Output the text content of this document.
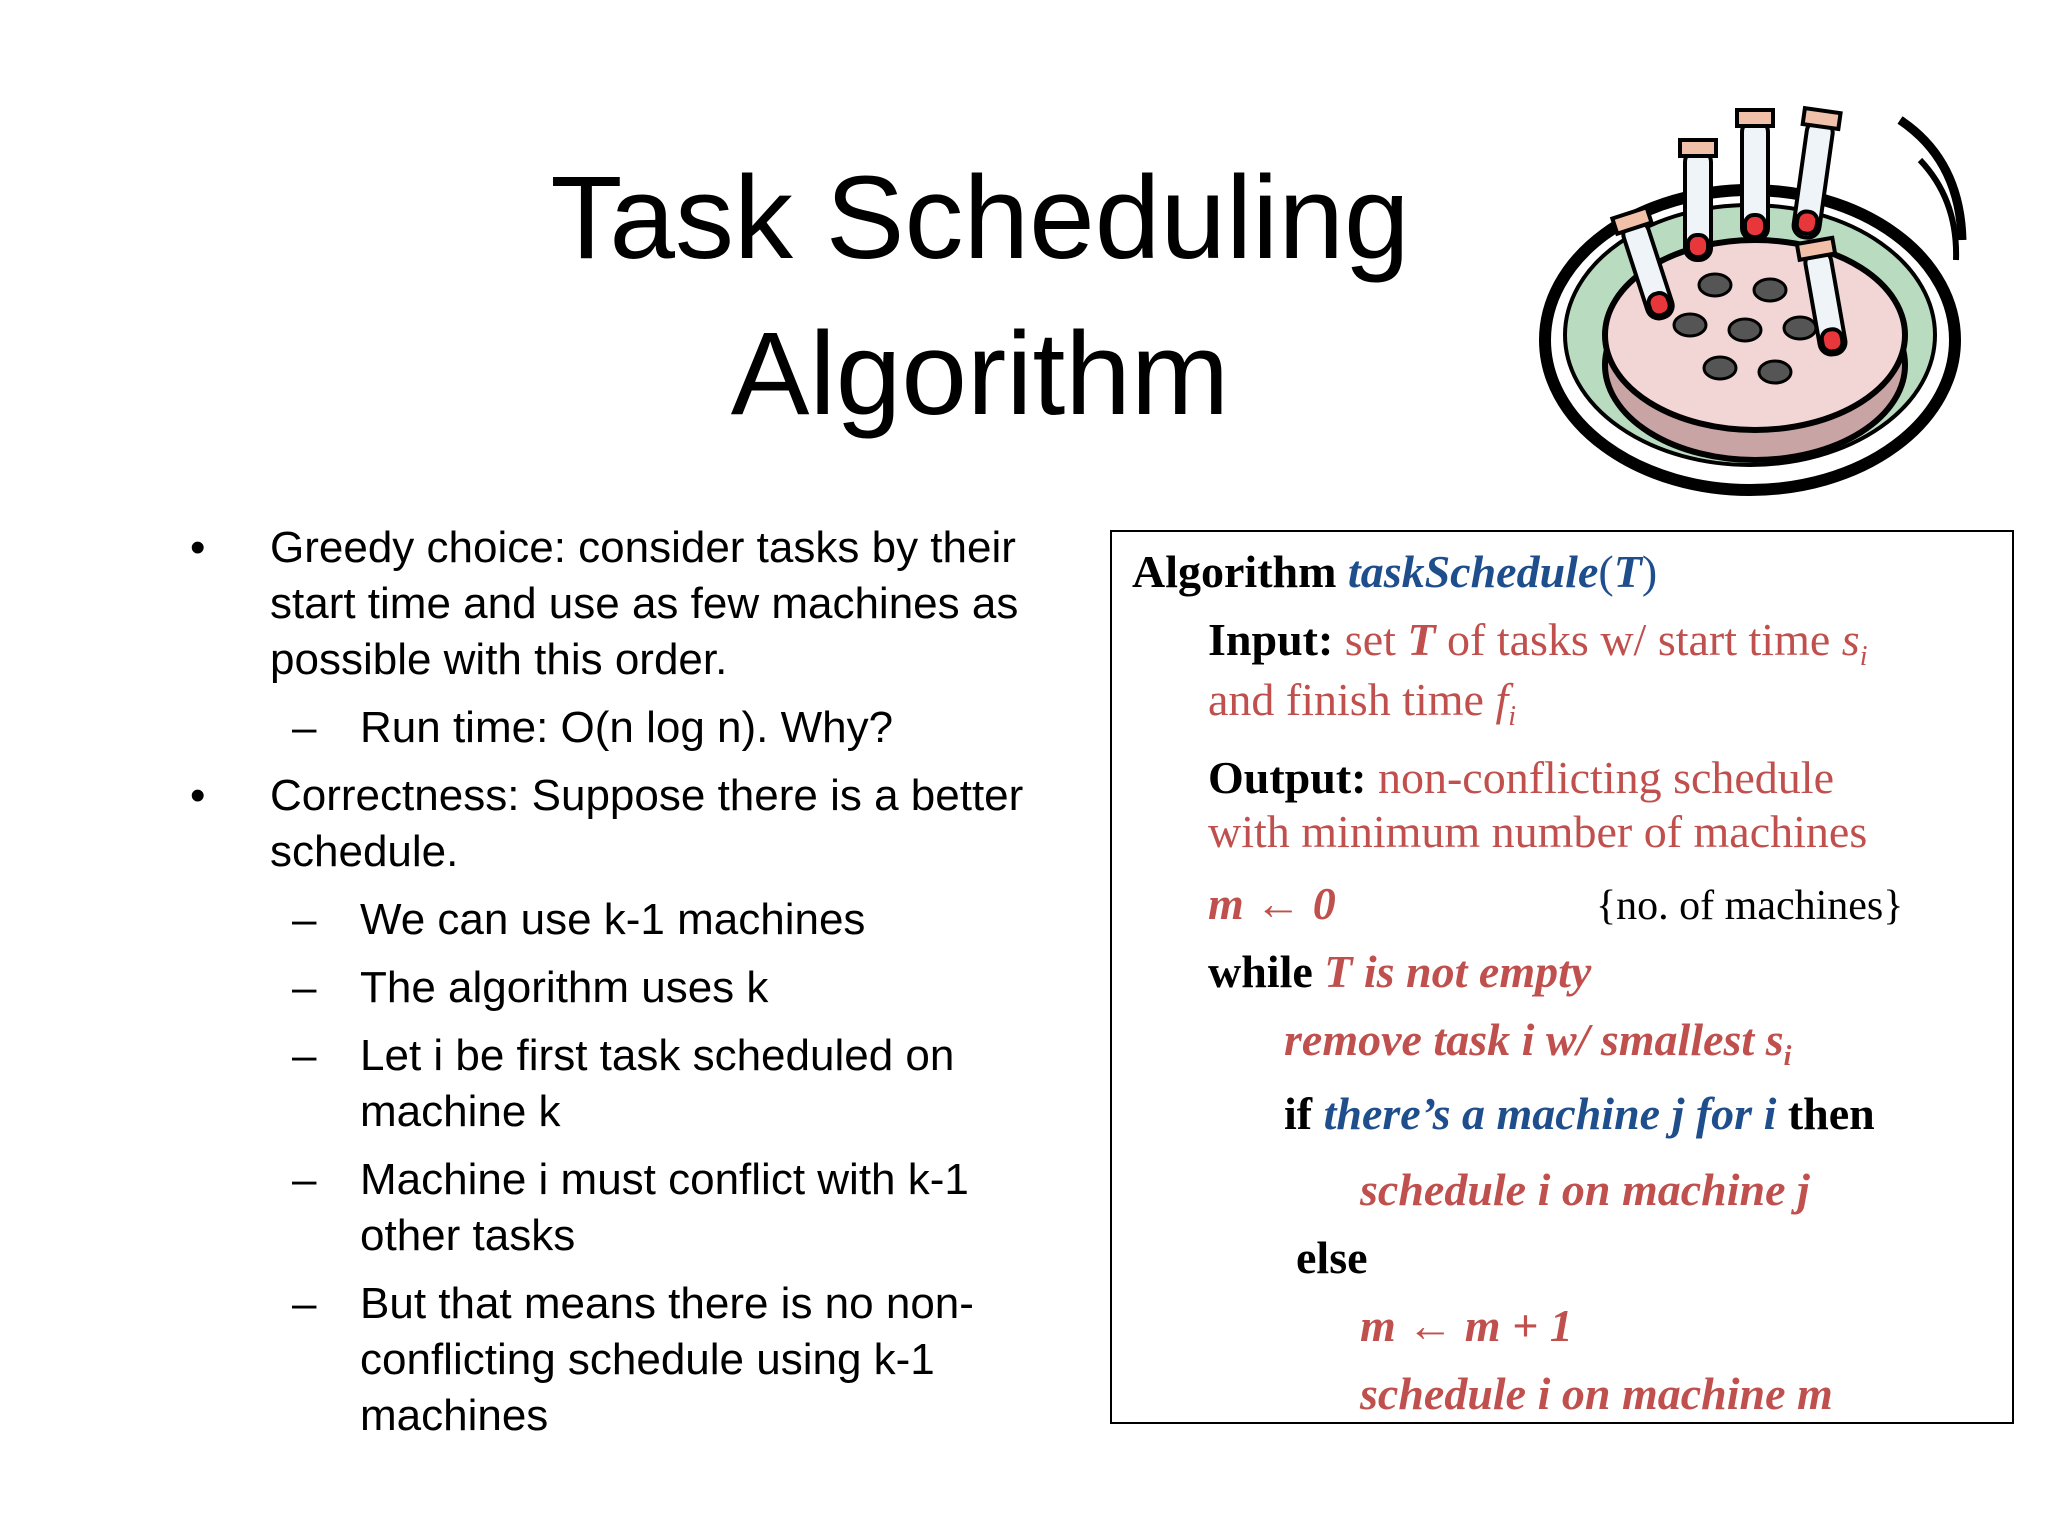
Task Scheduling
Algorithm
• Greedy choice: consider tasks by their start time and use as few machines as possible with this order.
– Run time: O(n log n). Why?
• Correctness: Suppose there is a better schedule.
– We can use k-1 machines
– The algorithm uses k
– Let i be first task scheduled on machine k
– Machine i must conflict with k-1 other tasks
– But that means there is no non-conflicting schedule using k-1 machines
Algorithm taskSchedule(T)
Input: set T of tasks w/ start time $s_i$
and finish time $f_i$
Output: non-conflicting schedule
with minimum number of machines
m ← 0	{no. of machines}
while T is not empty
remove task i w/ smallest $s_i$
if there’s a machine j for i then
schedule i on machine j
else
m ← m + 1
schedule i on machine m
